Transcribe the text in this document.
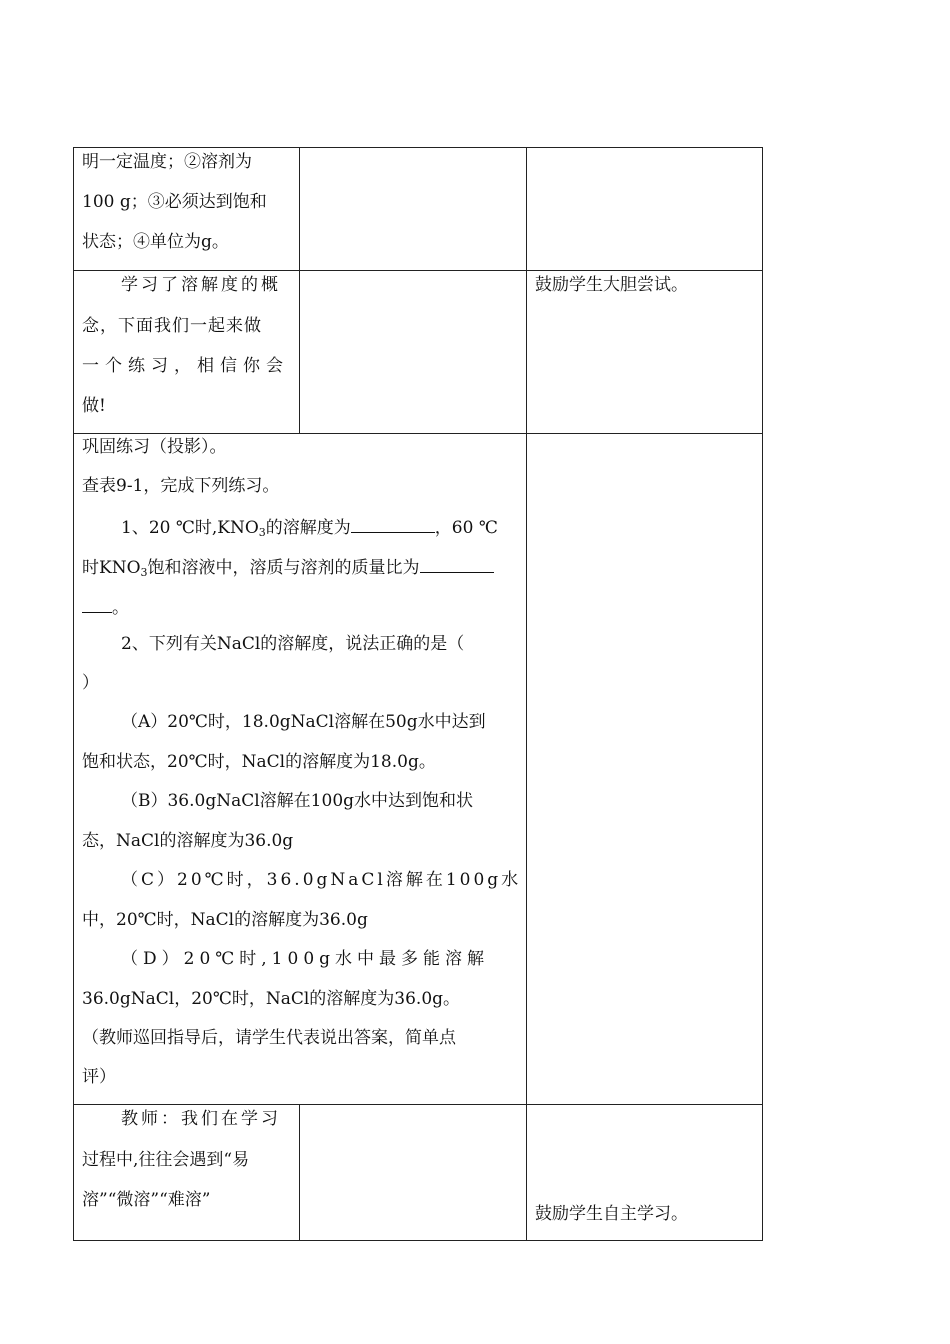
明一定温度；②溶剂为
100 g；③必须达到饱和
状态；④单位为g。
学习了溶解度的概
念，下面我们一起来做
一个练习，相信你会
做!
鼓励学生大胆尝试。
巩固练习（投影）。
查表9-1，完成下列练习。
1、20 ℃时$,KNO_3$的溶解度为	，60 ℃
时$KNO_3$饱和溶液中，溶质与溶剂的质量比为
。
2、下列有关NaCl的溶解度，说法正确的是（
）
（A）20℃时，18.0gNaCl溶解在50g水中达到
饱和状态，20℃时，NaCl的溶解度为18.0g。
（B）36.0gNaCl溶解在100g水中达到饱和状
态，NaCl的溶解度为36.0g
（C）20℃时，36.0gNaCl溶解在100g水
中，20℃时，NaCl的溶解度为36.0g
（D）20℃时,100g水中最多能溶解
36.0gNaCl，20℃时，NaCl的溶解度为36.0g。
（教师巡回指导后，请学生代表说出答案，简单点
评）
教师：我们在学习
过程中,往往会遇到“易
溶”“微溶”“难溶”
鼓励学生自主学习。
